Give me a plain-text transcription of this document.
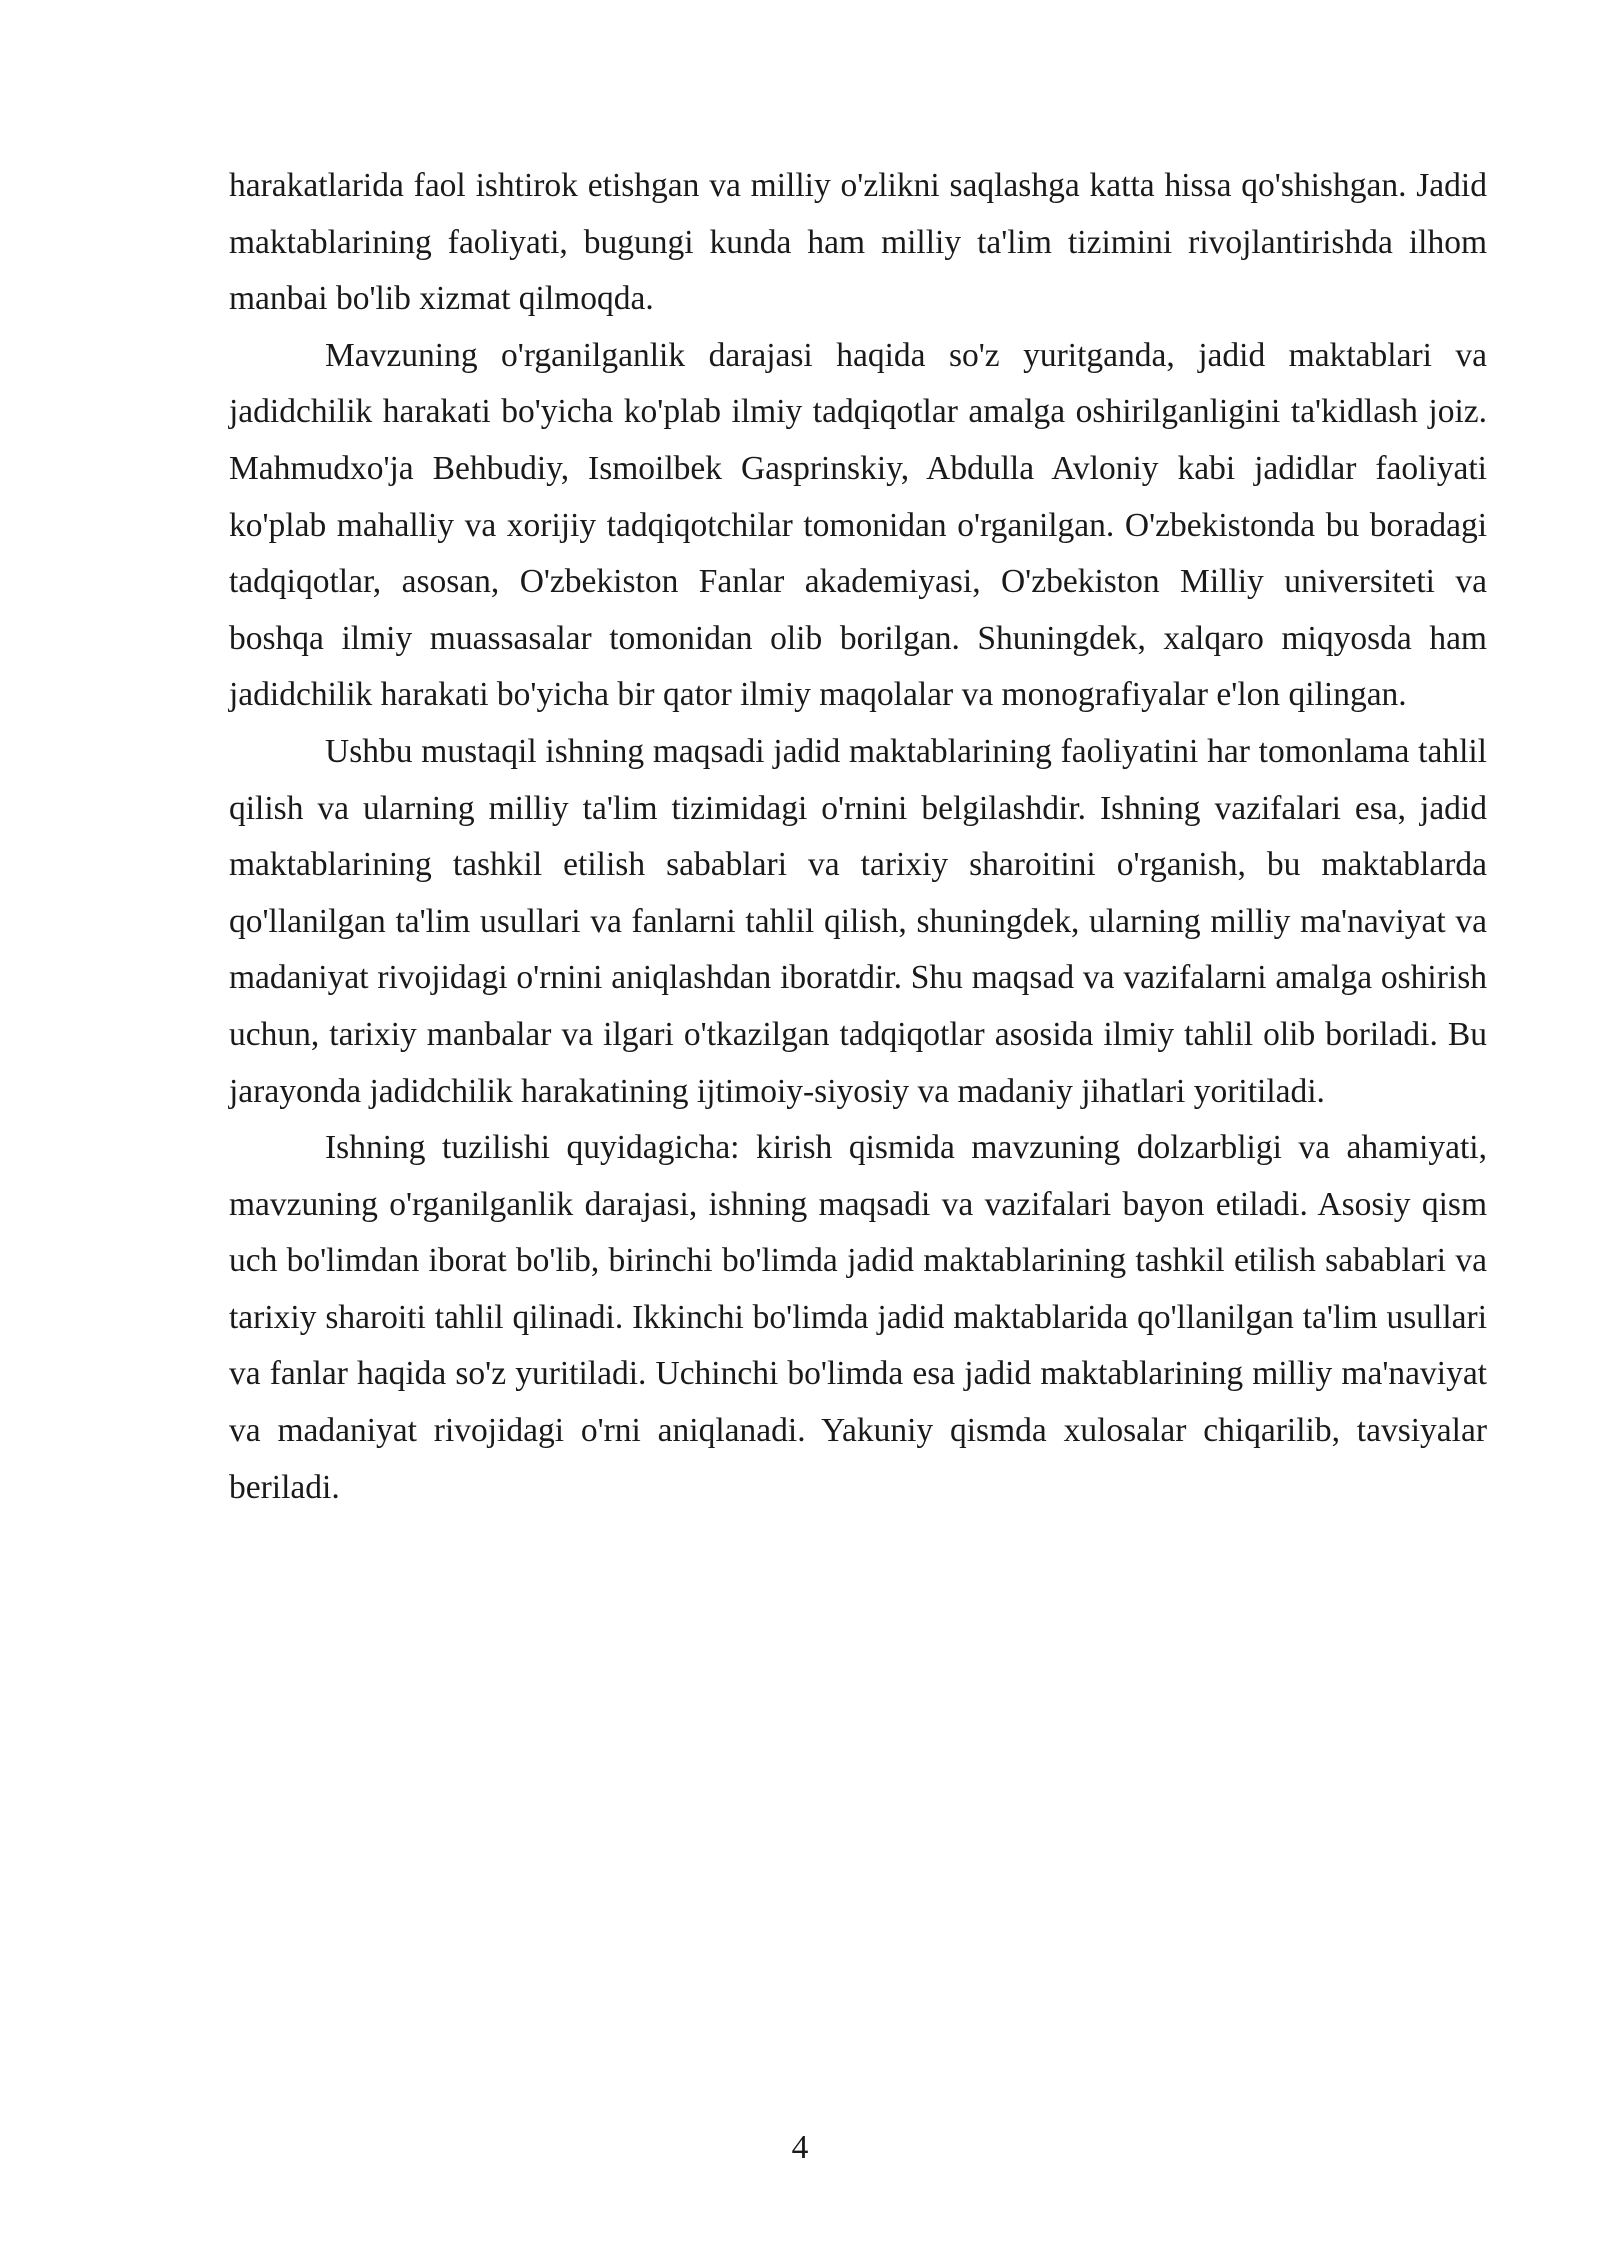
harakatlarida faol ishtirok etishgan va milliy o'zlikni saqlashga katta hissa qo'shishgan. Jadid maktablarining faoliyati, bugungi kunda ham milliy ta'lim tizimini rivojlantirishda ilhom manbai bo'lib xizmat qilmoqda.

Mavzuning o'rganilganlik darajasi haqida so'z yuritganda, jadid maktablari va jadidchilik harakati bo'yicha ko'plab ilmiy tadqiqotlar amalga oshirilganligini ta'kidlash joiz. Mahmudxo'ja Behbudiy, Ismoilbek Gasprinskiy, Abdulla Avloniy kabi jadidlar faoliyati ko'plab mahalliy va xorijiy tadqiqotchilar tomonidan o'rganilgan. O'zbekistonda bu boradagi tadqiqotlar, asosan, O'zbekiston Fanlar akademiyasi, O'zbekiston Milliy universiteti va boshqa ilmiy muassasalar tomonidan olib borilgan. Shuningdek, xalqaro miqyosda ham jadidchilik harakati bo'yicha bir qator ilmiy maqolalar va monografiyalar e'lon qilingan.

Ushbu mustaqil ishning maqsadi jadid maktablarining faoliyatini har tomonlama tahlil qilish va ularning milliy ta'lim tizimidagi o'rnini belgilashdir. Ishning vazifalari esa, jadid maktablarining tashkil etilish sabablari va tarixiy sharoitini o'rganish, bu maktablarda qo'llanilgan ta'lim usullari va fanlarni tahlil qilish, shuningdek, ularning milliy ma'naviyat va madaniyat rivojidagi o'rnini aniqlashdan iboratdir. Shu maqsad va vazifalarni amalga oshirish uchun, tarixiy manbalar va ilgari o'tkazilgan tadqiqotlar asosida ilmiy tahlil olib boriladi. Bu jarayonda jadidchilik harakatining ijtimoiy-siyosiy va madaniy jihatlari yoritiladi.

Ishning tuzilishi quyidagicha: kirish qismida mavzuning dolzarbligi va ahamiyati, mavzuning o'rganilganlik darajasi, ishning maqsadi va vazifalari bayon etiladi. Asosiy qism uch bo'limdan iborat bo'lib, birinchi bo'limda jadid maktablarining tashkil etilish sabablari va tarixiy sharoiti tahlil qilinadi. Ikkinchi bo'limda jadid maktablarida qo'llanilgan ta'lim usullari va fanlar haqida so'z yuritiladi. Uchinchi bo'limda esa jadid maktablarining milliy ma'naviyat va madaniyat rivojidagi o'rni aniqlanadi. Yakuniy qismda xulosalar chiqarilib, tavsiyalar beriladi.

4
